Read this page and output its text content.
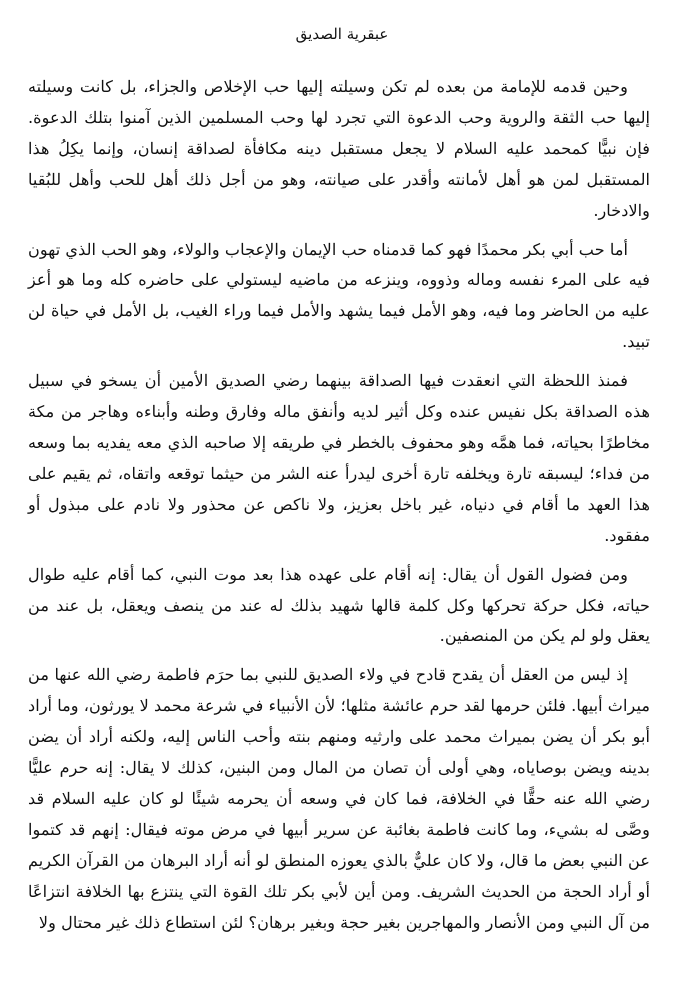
عبقرية الصديق

وحين قدمه للإمامة من بعده لم تكن وسيلته إليها حب الإخلاص والجزاء، بل كانت وسيلته إليها حب الثقة والروية وحب الدعوة التي تجرد لها وحب المسلمين الذين آمنوا بتلك الدعوة. فإن نبيًّا كمحمد عليه السلام لا يجعل مستقبل دينه مكافأة لصداقة إنسان، وإنما يكِلُ هذا المستقبل لمن هو أهل لأمانته وأقدر على صيانته، وهو من أجل ذلك أهل للحب وأهل للبُقيا والادخار.

أما حب أبي بكر محمدًا فهو كما قدمناه حب الإيمان والإعجاب والولاء، وهو الحب الذي تهون فيه على المرء نفسه وماله وذووه، وينزعه من ماضيه ليستولي على حاضره كله وما هو أعز عليه من الحاضر وما فيه، وهو الأمل فيما يشهد والأمل فيما وراء الغيب، بل الأمل في حياة لن تبيد.

فمنذ اللحظة التي انعقدت فيها الصداقة بينهما رضي الصديق الأمين أن يسخو في سبيل هذه الصداقة بكل نفيس عنده وكل أثير لديه وأنفق ماله وفارق وطنه وأبناءه وهاجر من مكة مخاطرًا بحياته، فما همَّه وهو محفوف بالخطر في طريقه إلا صاحبه الذي معه يفديه بما وسعه من فداء؛ ليسبقه تارة ويخلفه تارة أخرى ليدرأ عنه الشر من حيثما توقعه واتقاه، ثم يقيم على هذا العهد ما أقام في دنياه، غير باخل بعزيز، ولا ناكص عن محذور ولا نادم على مبذول أو مفقود.

ومن فضول القول أن يقال: إنه أقام على عهده هذا بعد موت النبي، كما أقام عليه طوال حياته، فكل حركة تحركها وكل كلمة قالها شهيد بذلك له عند من ينصف ويعقل، بل عند من يعقل ولو لم يكن من المنصفين.

إذ ليس من العقل أن يقدح قادح في ولاء الصديق للنبي بما حرَم فاطمة رضي الله عنها من ميراث أبيها. فلئن حرمها لقد حرم عائشة مثلها؛ لأن الأنبياء في شرعة محمد لا يورثون، وما أراد أبو بكر أن يضن بميراث محمد على وارثيه ومنهم بنته وأحب الناس إليه، ولكنه أراد أن يضن بدينه ويضن بوصاياه، وهي أولى أن تصان من المال ومن البنين، كذلك لا يقال: إنه حرم عليًّا رضي الله عنه حقًّا في الخلافة، فما كان في وسعه أن يحرمه شيئًا لو كان عليه السلام قد وصَّى له بشيء، وما كانت فاطمة بغائبة عن سرير أبيها في مرض موته فيقال: إنهم قد كتموا عن النبي بعض ما قال، ولا كان عليٌّ بالذي يعوزه المنطق لو أنه أراد البرهان من القرآن الكريم أو أراد الحجة من الحديث الشريف. ومن أين لأبي بكر تلك القوة التي ينتزع بها الخلافة انتزاعًا من آل النبي ومن الأنصار والمهاجرين بغير حجة وبغير برهان؟ لئن استطاع ذلك غير محتال ولا
